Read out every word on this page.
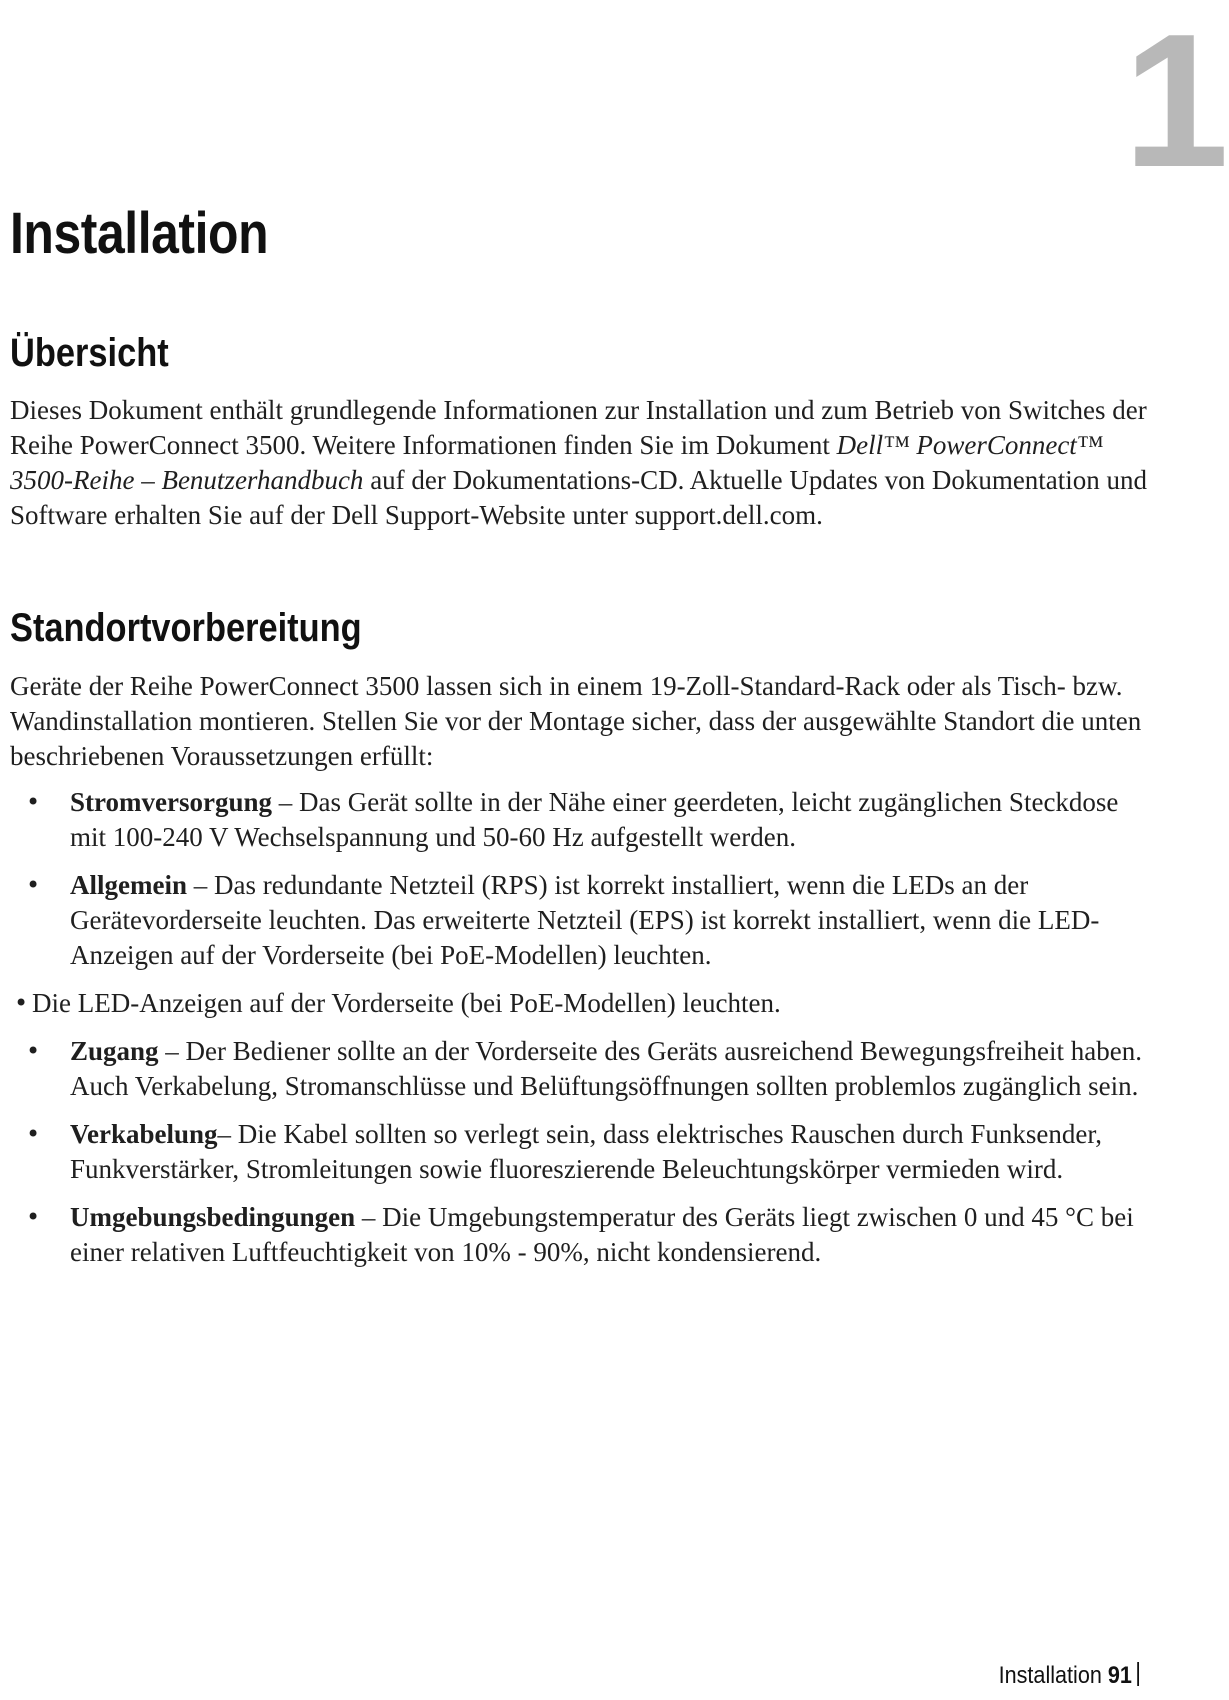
1
Installation
Übersicht

Dieses Dokument enthält grundlegende Informationen zur Installation und zum Betrieb von Switches der Reihe PowerConnect 3500. Weitere Informationen finden Sie im Dokument Dell™ PowerConnect™ 3500-Reihe – Benutzerhandbuch auf der Dokumentations-CD. Aktuelle Updates von Dokumentation und Software erhalten Sie auf der Dell Support-Website unter support.dell.com.

Standortvorbereitung

Geräte der Reihe PowerConnect 3500 lassen sich in einem 19-Zoll-Standard-Rack oder als Tisch- bzw. Wandinstallation montieren. Stellen Sie vor der Montage sicher, dass der ausgewählte Standort die unten beschriebenen Voraussetzungen erfüllt:

• Stromversorgung – Das Gerät sollte in der Nähe einer geerdeten, leicht zugänglichen Steckdose mit 100-240 V Wechselspannung und 50-60 Hz aufgestellt werden.
• Allgemein – Das redundante Netzteil (RPS) ist korrekt installiert, wenn die LEDs an der Gerätevorderseite leuchten. Das erweiterte Netzteil (EPS) ist korrekt installiert, wenn die LED-Anzeigen auf der Vorderseite (bei PoE-Modellen) leuchten.
• Die LED-Anzeigen auf der Vorderseite (bei PoE-Modellen) leuchten.
• Zugang – Der Bediener sollte an der Vorderseite des Geräts ausreichend Bewegungsfreiheit haben. Auch Verkabelung, Stromanschlüsse und Belüftungsöffnungen sollten problemlos zugänglich sein.
• Verkabelung– Die Kabel sollten so verlegt sein, dass elektrisches Rauschen durch Funksender, Funkverstärker, Stromleitungen sowie fluoreszierende Beleuchtungskörper vermieden wird.
• Umgebungsbedingungen – Die Umgebungstemperatur des Geräts liegt zwischen 0 und 45 °C bei einer relativen Luftfeuchtigkeit von 10% - 90%, nicht kondensierend.
Installation 91
